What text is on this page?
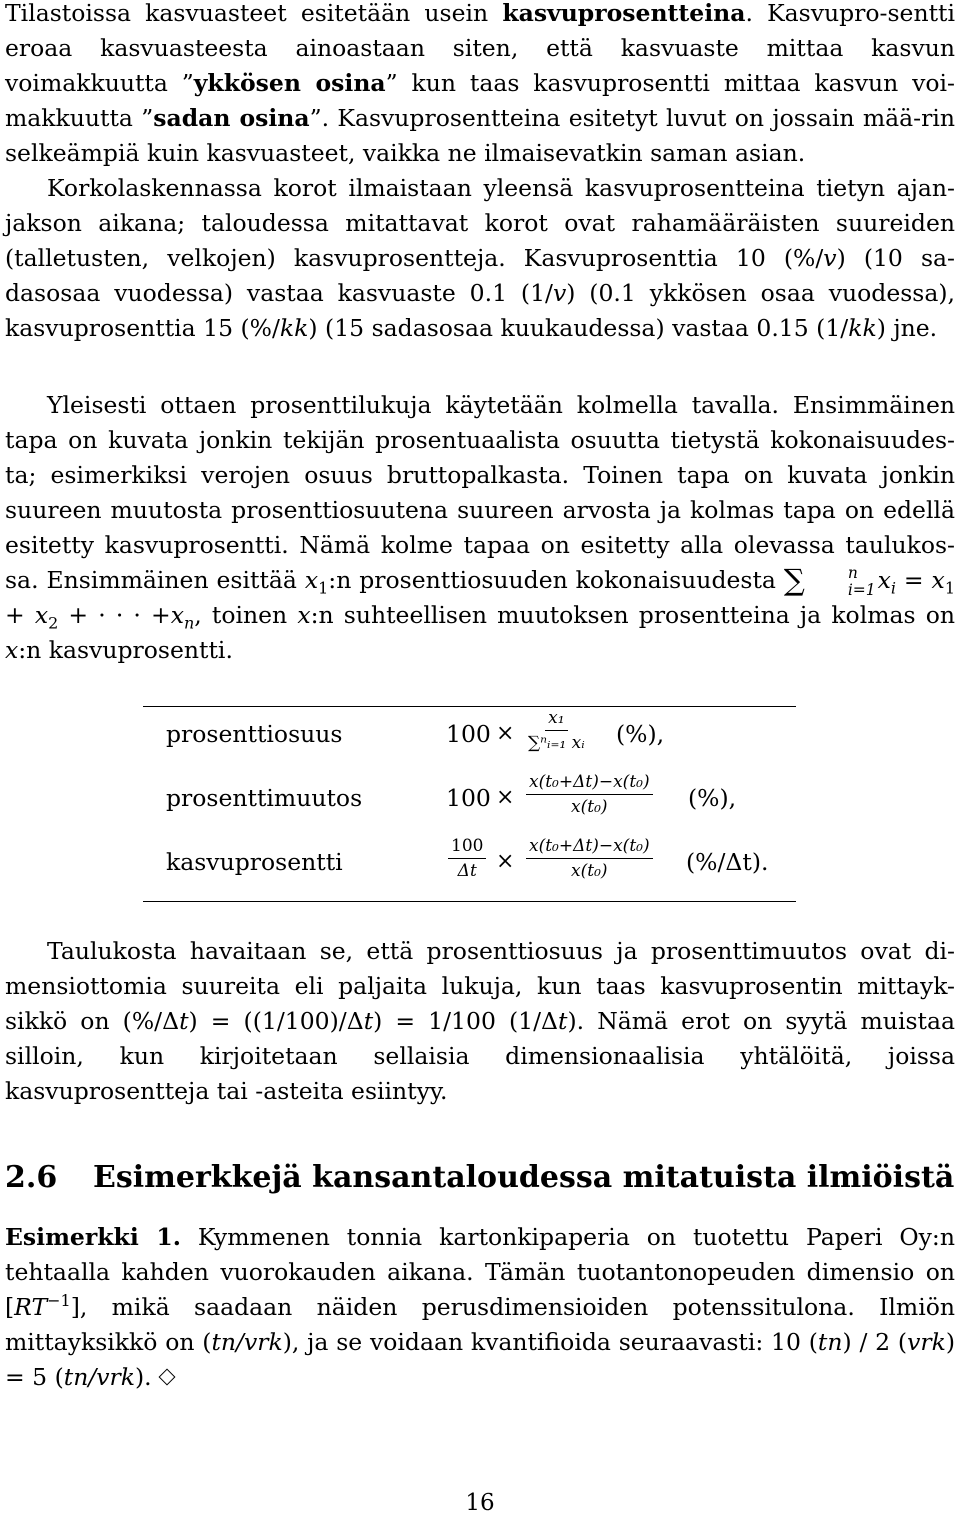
Tilastoissa kasvuasteet esitetään usein kasvuprosentteina. Kasvupro-sentti eroaa kasvuasteesta ainoastaan siten, että kasvuaste mittaa kasvun voimakkuutta ”ykkösen osina” kun taas kasvuprosentti mittaa kasvun voi-makkuutta ”sadan osina”. Kasvuprosentteina esitetyt luvut on jossain mää-rin selkeämpiä kuin kasvuasteet, vaikka ne ilmaisevatkin saman asian.

Korkolaskennassa korot ilmaistaan yleensä kasvuprosentteina tietyn ajan-jakson aikana; taloudessa mitattavat korot ovat rahamääräisten suureiden (talletusten, velkojen) kasvuprosentteja. Kasvuprosenttia 10 (%/v) (10 sa-dasosaa vuodessa) vastaa kasvuaste 0.1 (1/v) (0.1 ykkösen osaa vuodessa), kasvuprosenttia 15 (%/kk) (15 sadasosaa kuukaudessa) vastaa 0.15 (1/kk) jne.

Yleisesti ottaen prosenttilukuja käytetään kolmella tavalla. Ensimmäinen tapa on kuvata jonkin tekijän prosentuaalista osuutta tietystä kokonaisuudes-ta; esimerkiksi verojen osuus bruttopalkasta. Toinen tapa on kuvata jonkin suureen muutosta prosenttiosuutena suureen arvosta ja kolmas tapa on edellä esitetty kasvuprosentti. Nämä kolme tapaa on esitetty alla olevassa taulukos-sa. Ensimmäinen esittää $x_1:n$ prosenttiosuuden kokonaisuudesta ∑	n
i=1 $x_i = x_1 + x_2$ + · · · $+x_n$, toinen x:n suhteellisen muutoksen prosentteina ja kolmas on x:n kasvuprosentti.

prosenttiosuus	$100 \times \frac{\text{x₁}}{\text{∑ⁿᵢ₌₁ xᵢ}}$ (%),
prosenttimuutos	$100 \times \frac{\text{x(t₀+Δt)−x(t₀)}}{\text{x(t₀)}}$ (%),
kasvuprosentti	$\frac{100}{\Delta t} \times \frac{\text{x(t₀+Δt)−x(t₀)}}{\text{x(t₀)}} (\%/\Delta t)$.

Taulukosta havaitaan se, että prosenttiosuus ja prosenttimuutos ovat di-mensiottomia suureita eli paljaita lukuja, kun taas kasvuprosentin mittayk-sikkö on (%/Δt) = ((1/100)/Δt) = 1/100 (1/Δt). Nämä erot on syytä muistaa silloin, kun kirjoitetaan sellaisia dimensionaalisia yhtälöitä, joissa kasvuprosentteja tai -asteita esiintyy.

2.6 Esimerkkejä kansantaloudessa mitatuista ilmiöistä

Esimerkki 1. Kymmenen tonnia kartonkipaperia on tuotettu Paperi Oy:n tehtaalla kahden vuorokauden aikana. Tämän tuotantonopeuden dimensio on $[RT^{-1}]$, mikä saadaan näiden perusdimensioiden potenssitulona. Ilmiön mittayksikkö on (tn/vrk), ja se voidaan kvantifioida seuraavasti: 10 (tn) / 2 (vrk) = 5 (tn/vrk).

16
